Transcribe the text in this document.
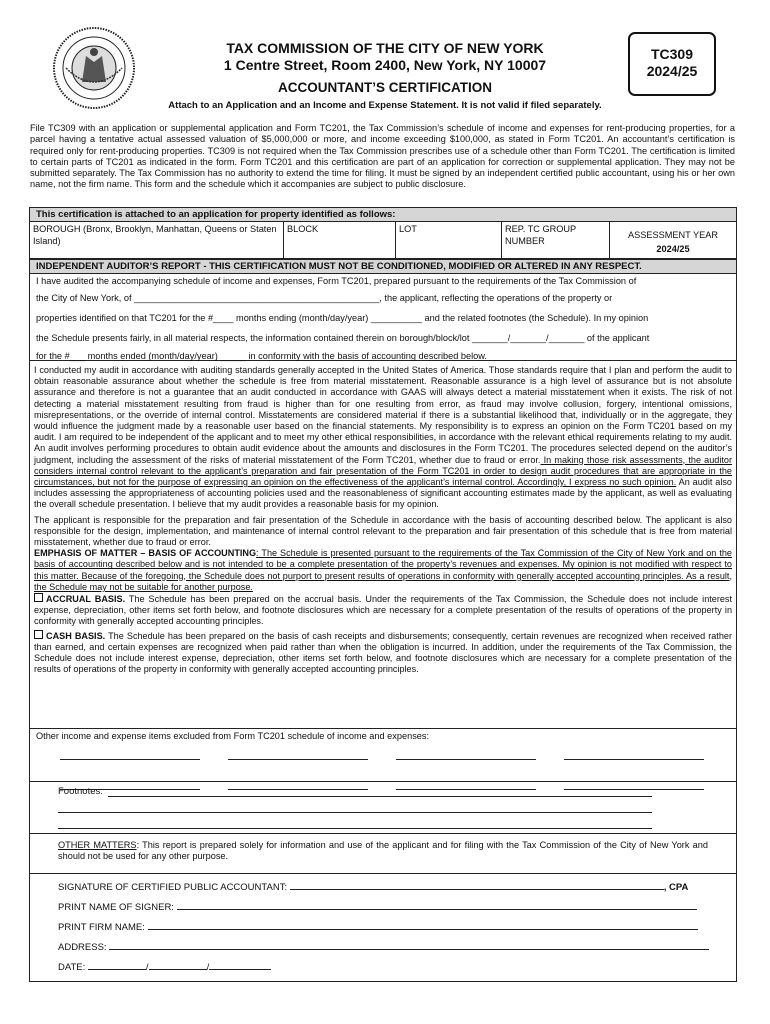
TAX COMMISSION OF THE CITY OF NEW YORK
1 Centre Street, Room 2400, New York, NY 10007
ACCOUNTANT’S CERTIFICATION
TC309
2024/25
Attach to an Application and an Income and Expense Statement. It is not valid if filed separately.
File TC309 with an application or supplemental application and Form TC201, the Tax Commission’s schedule of income and expenses for rent-producing properties, for a parcel having a tentative actual assessed valuation of $5,000,000 or more, and income exceeding $100,000, as stated in Form TC201. An accountant’s certification is required only for rent-producing properties. TC309 is not required when the Tax Commission prescribes use of a schedule other than Form TC201. The certification is limited to certain parts of TC201 as indicated in the form. Form TC201 and this certification are part of an application for correction or supplemental application. They may not be submitted separately. The Tax Commission has no authority to extend the time for filing. It must be signed by an independent certified public accountant, using his or her own name, not the firm name. This form and the schedule which it accompanies are subject to public disclosure.
This certification is attached to an application for property identified as follows:
BOROUGH (Bronx, Brooklyn, Manhattan, Queens or Staten Island)
BLOCK	LOT	REP. TC GROUP NUMBER
ASSESSMENT YEAR
2024/25
INDEPENDENT AUDITOR’S REPORT - THIS CERTIFICATION MUST NOT BE CONDITIONED, MODIFIED OR ALTERED IN ANY RESPECT.
I have audited the accompanying schedule of income and expenses, Form TC201, prepared pursuant to the requirements of the Tax Commission of
the City of New York, of ________________________________________________, the applicant, reflecting the operations of the property or
properties identified on that TC201 for the #____ months ending (month/day/year) __________ and the related footnotes (the Schedule). In my opinion
the Schedule presents fairly, in all material respects, the information contained therein on borough/block/lot _______/_______/_______ of the applicant
for the #___ months ended (month/day/year) _____ in conformity with the basis of accounting described below.
I conducted my audit in accordance with auditing standards generally accepted in the United States of America. Those standards require that I plan and perform the audit to obtain reasonable assurance about whether the schedule is free from material misstatement. Reasonable assurance is a high level of assurance but is not absolute assurance and therefore is not a guarantee that an audit conducted in accordance with GAAS will always detect a material misstatement when it exists. The risk of not detecting a material misstatement resulting from fraud is higher than for one resulting from error, as fraud may involve collusion, forgery, intentional omissions, misrepresentations, or the override of internal control. Misstatements are considered material if there is a substantial likelihood that, individually or in the aggregate, they would influence the judgment made by a reasonable user based on the financial statements. My responsibility is to express an opinion on the Form TC201 based on my audit. I am required to be independent of the applicant and to meet my other ethical responsibilities, in accordance with the relevant ethical requirements relating to my audit. An audit involves performing procedures to obtain audit evidence about the amounts and disclosures in the Form TC201. The procedures selected depend on the auditor’s judgment, including the assessment of the risks of material misstatement of the Form TC201, whether due to fraud or error. In making those risk assessments, the auditor considers internal control relevant to the applicant’s preparation and fair presentation of the Form TC201 in order to design audit procedures that are appropriate in the circumstances, but not for the purpose of expressing an opinion on the effectiveness of the applicant’s internal control. Accordingly, I express no such opinion. An audit also includes assessing the appropriateness of accounting policies used and the reasonableness of significant accounting estimates made by the applicant, as well as evaluating the overall schedule presentation. I believe that my audit provides a reasonable basis for my opinion.
The applicant is responsible for the preparation and fair presentation of the Schedule in accordance with the basis of accounting described below. The applicant is also responsible for the design, implementation, and maintenance of internal control relevant to the preparation and fair presentation of this schedule that is free from material misstatement, whether due to fraud or error.
EMPHASIS OF MATTER – BASIS OF ACCOUNTING: The Schedule is presented pursuant to the requirements of the Tax Commission of the City of New York and on the basis of accounting described below and is not intended to be a complete presentation of the property’s revenues and expenses. My opinion is not modified with respect to this matter. Because of the foregoing, the Schedule does not purport to present results of operations in conformity with generally accepted accounting principles. As a result, the Schedule may not be suitable for another purpose.
ACCRUAL BASIS. The Schedule has been prepared on the accrual basis. Under the requirements of the Tax Commission, the Schedule does not include interest expense, depreciation, other items set forth below, and footnote disclosures which are necessary for a complete presentation of the results of operations of the property in conformity with generally accepted accounting principles.
CASH BASIS. The Schedule has been prepared on the basis of cash receipts and disbursements; consequently, certain revenues are recognized when received rather than earned, and certain expenses are recognized when paid rather than when the obligation is incurred. In addition, under the requirements of the Tax Commission, the Schedule does not include interest expense, depreciation, other items set forth below, and footnote disclosures which are necessary for a complete presentation of the results of operations of the property in conformity with generally accepted accounting principles.
Other income and expense items excluded from Form TC201 schedule of income and expenses:
Footnotes:
OTHER MATTERS: This report is prepared solely for information and use of the applicant and for filing with the Tax Commission of the City of New York and should not be used for any other purpose.
SIGNATURE OF CERTIFIED PUBLIC ACCOUNTANT:	, CPA
PRINT NAME OF SIGNER:
PRINT FIRM NAME:
ADDRESS:
DATE:	/	/
